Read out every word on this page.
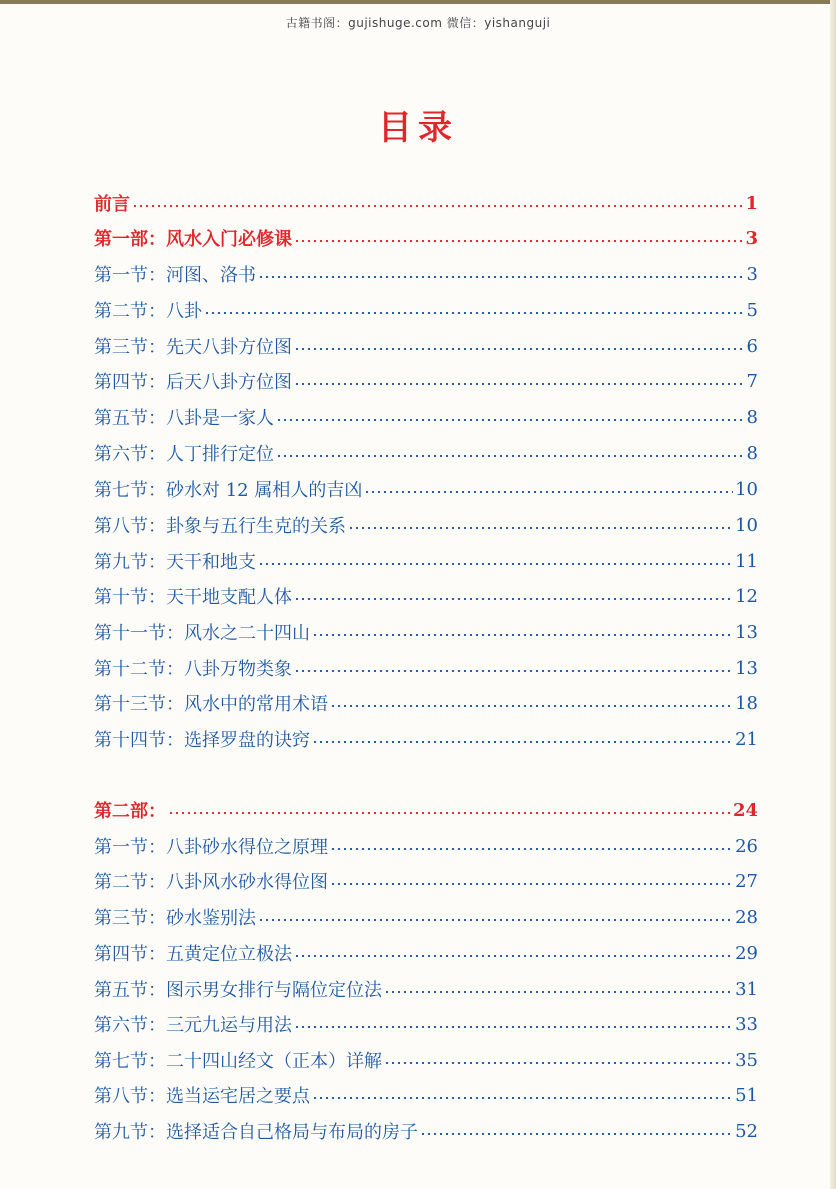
古籍书阁：gujishuge.com 微信：yishanguji
目录
前言	1
第一部：风水入门必修课	3
第一节：河图、洛书	3
第二节：八卦	5
第三节：先天八卦方位图	6
第四节：后天八卦方位图	7
第五节：八卦是一家人	8
第六节：人丁排行定位	8
第七节：砂水对 12 属相人的吉凶	10
第八节：卦象与五行生克的关系	10
第九节：天干和地支	11
第十节：天干地支配人体	12
第十一节：风水之二十四山	13
第十二节：八卦万物类象	13
第十三节：风水中的常用术语	18
第十四节：选择罗盘的诀窍	21
第二部：	24
第一节：八卦砂水得位之原理	26
第二节：八卦风水砂水得位图	27
第三节：砂水鉴别法	28
第四节：五黄定位立极法	29
第五节：图示男女排行与隔位定位法	31
第六节：三元九运与用法	33
第七节：二十四山经文（正本）详解	35
第八节：选当运宅居之要点	51
第九节：选择适合自己格局与布局的房子	52
